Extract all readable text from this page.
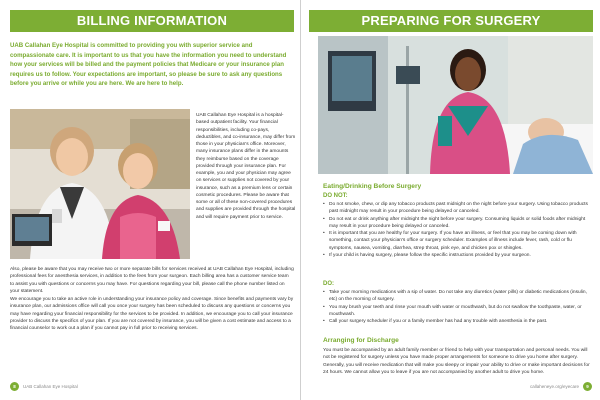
BILLING INFORMATION

UAB Callahan Eye Hospital is committed to providing you with superior service and compassionate care. It is important to us that you have the information you need to understand how your services will be billed and the payment policies that Medicare or your insurance plan requires us to follow. Your expectations are important, so please be sure to ask any questions before you arrive or while you are here. We are here to help.

UAB Callahan Eye Hospital is a hospital-based outpatient facility. Your financial responsibilities, including co-pays, deductibles, and co-insurance, may differ from those in your physician's office. Moreover, many insurance plans differ in the amounts they reimburse based on the coverage provided through your insurance plan. For example, you and your physician may agree on services or supplies not covered by your insurance, such as a premium lens or certain cosmetic procedures. Please be aware that some or all of these non-covered procedures and supplies are provided through the hospital and will require payment prior to service.

Also, please be aware that you may receive two or more separate bills for services received at UAB Callahan Eye Hospital, including professional fees for anesthesia services, in addition to the fees from your surgeon. Each billing area has a customer service team to assist you with questions or concerns you may have. For questions regarding your bill, please call the phone number listed on your statement.

We encourage you to take an active role in understanding your insurance policy and coverage. Since benefits and payments vary by insurance plan, our admissions office will call you once your surgery has been scheduled to discuss any questions or concerns you may have regarding your financial responsibility for the services to be provided. In addition, we encourage you to call your insurance provider to discuss the specifics of your plan. If you are not covered by insurance, you will be given a cost estimate and access to a financial counselor to work out a plan if you cannot pay in full prior to receiving services.

8 UAB Callahan Eye Hospital
PREPARING FOR SURGERY
Eating/Drinking Before Surgery
DO NOT:
• Do not smoke, chew, or dip any tobacco products past midnight on the night before your surgery. Using tobacco products past midnight may result in your procedure being delayed or canceled.
• Do not eat or drink anything after midnight the night before your surgery. Consuming liquids or solid foods after midnight may result in your procedure being delayed or canceled.
• It is important that you are healthy for your surgery. If you have an illness, or feel that you may be coming down with something, contact your physician's office or surgery scheduler. Examples of illness include fever, rash, cold or flu symptoms, nausea, vomiting, diarrhea, strep throat, pink eye, and chicken pox or shingles.
• If your child is having surgery, please follow the specific instructions provided by your surgeon.
DO:
• Take your morning medications with a sip of water. Do not take any diuretics (water pills) or diabetic medications (insulin, etc) on the morning of surgery.
• You may brush your teeth and rinse your mouth with water or mouthwash, but do not swallow the toothpaste, water, or mouthwash.
• Call your surgery scheduler if you or a family member has had any trouble with anesthesia in the past.
Arranging for Discharge

You must be accompanied by an adult family member or friend to help with your transportation and personal needs. You will not be registered for surgery unless you have made proper arrangements for someone to drive you home after surgery. Generally, you will receive medication that will make you sleepy or impair your ability to drive or make important decisions for 24 hours. We cannot allow you to leave if you are not accompanied by another adult to drive you home.

callaheneye.org/eyecare 9
